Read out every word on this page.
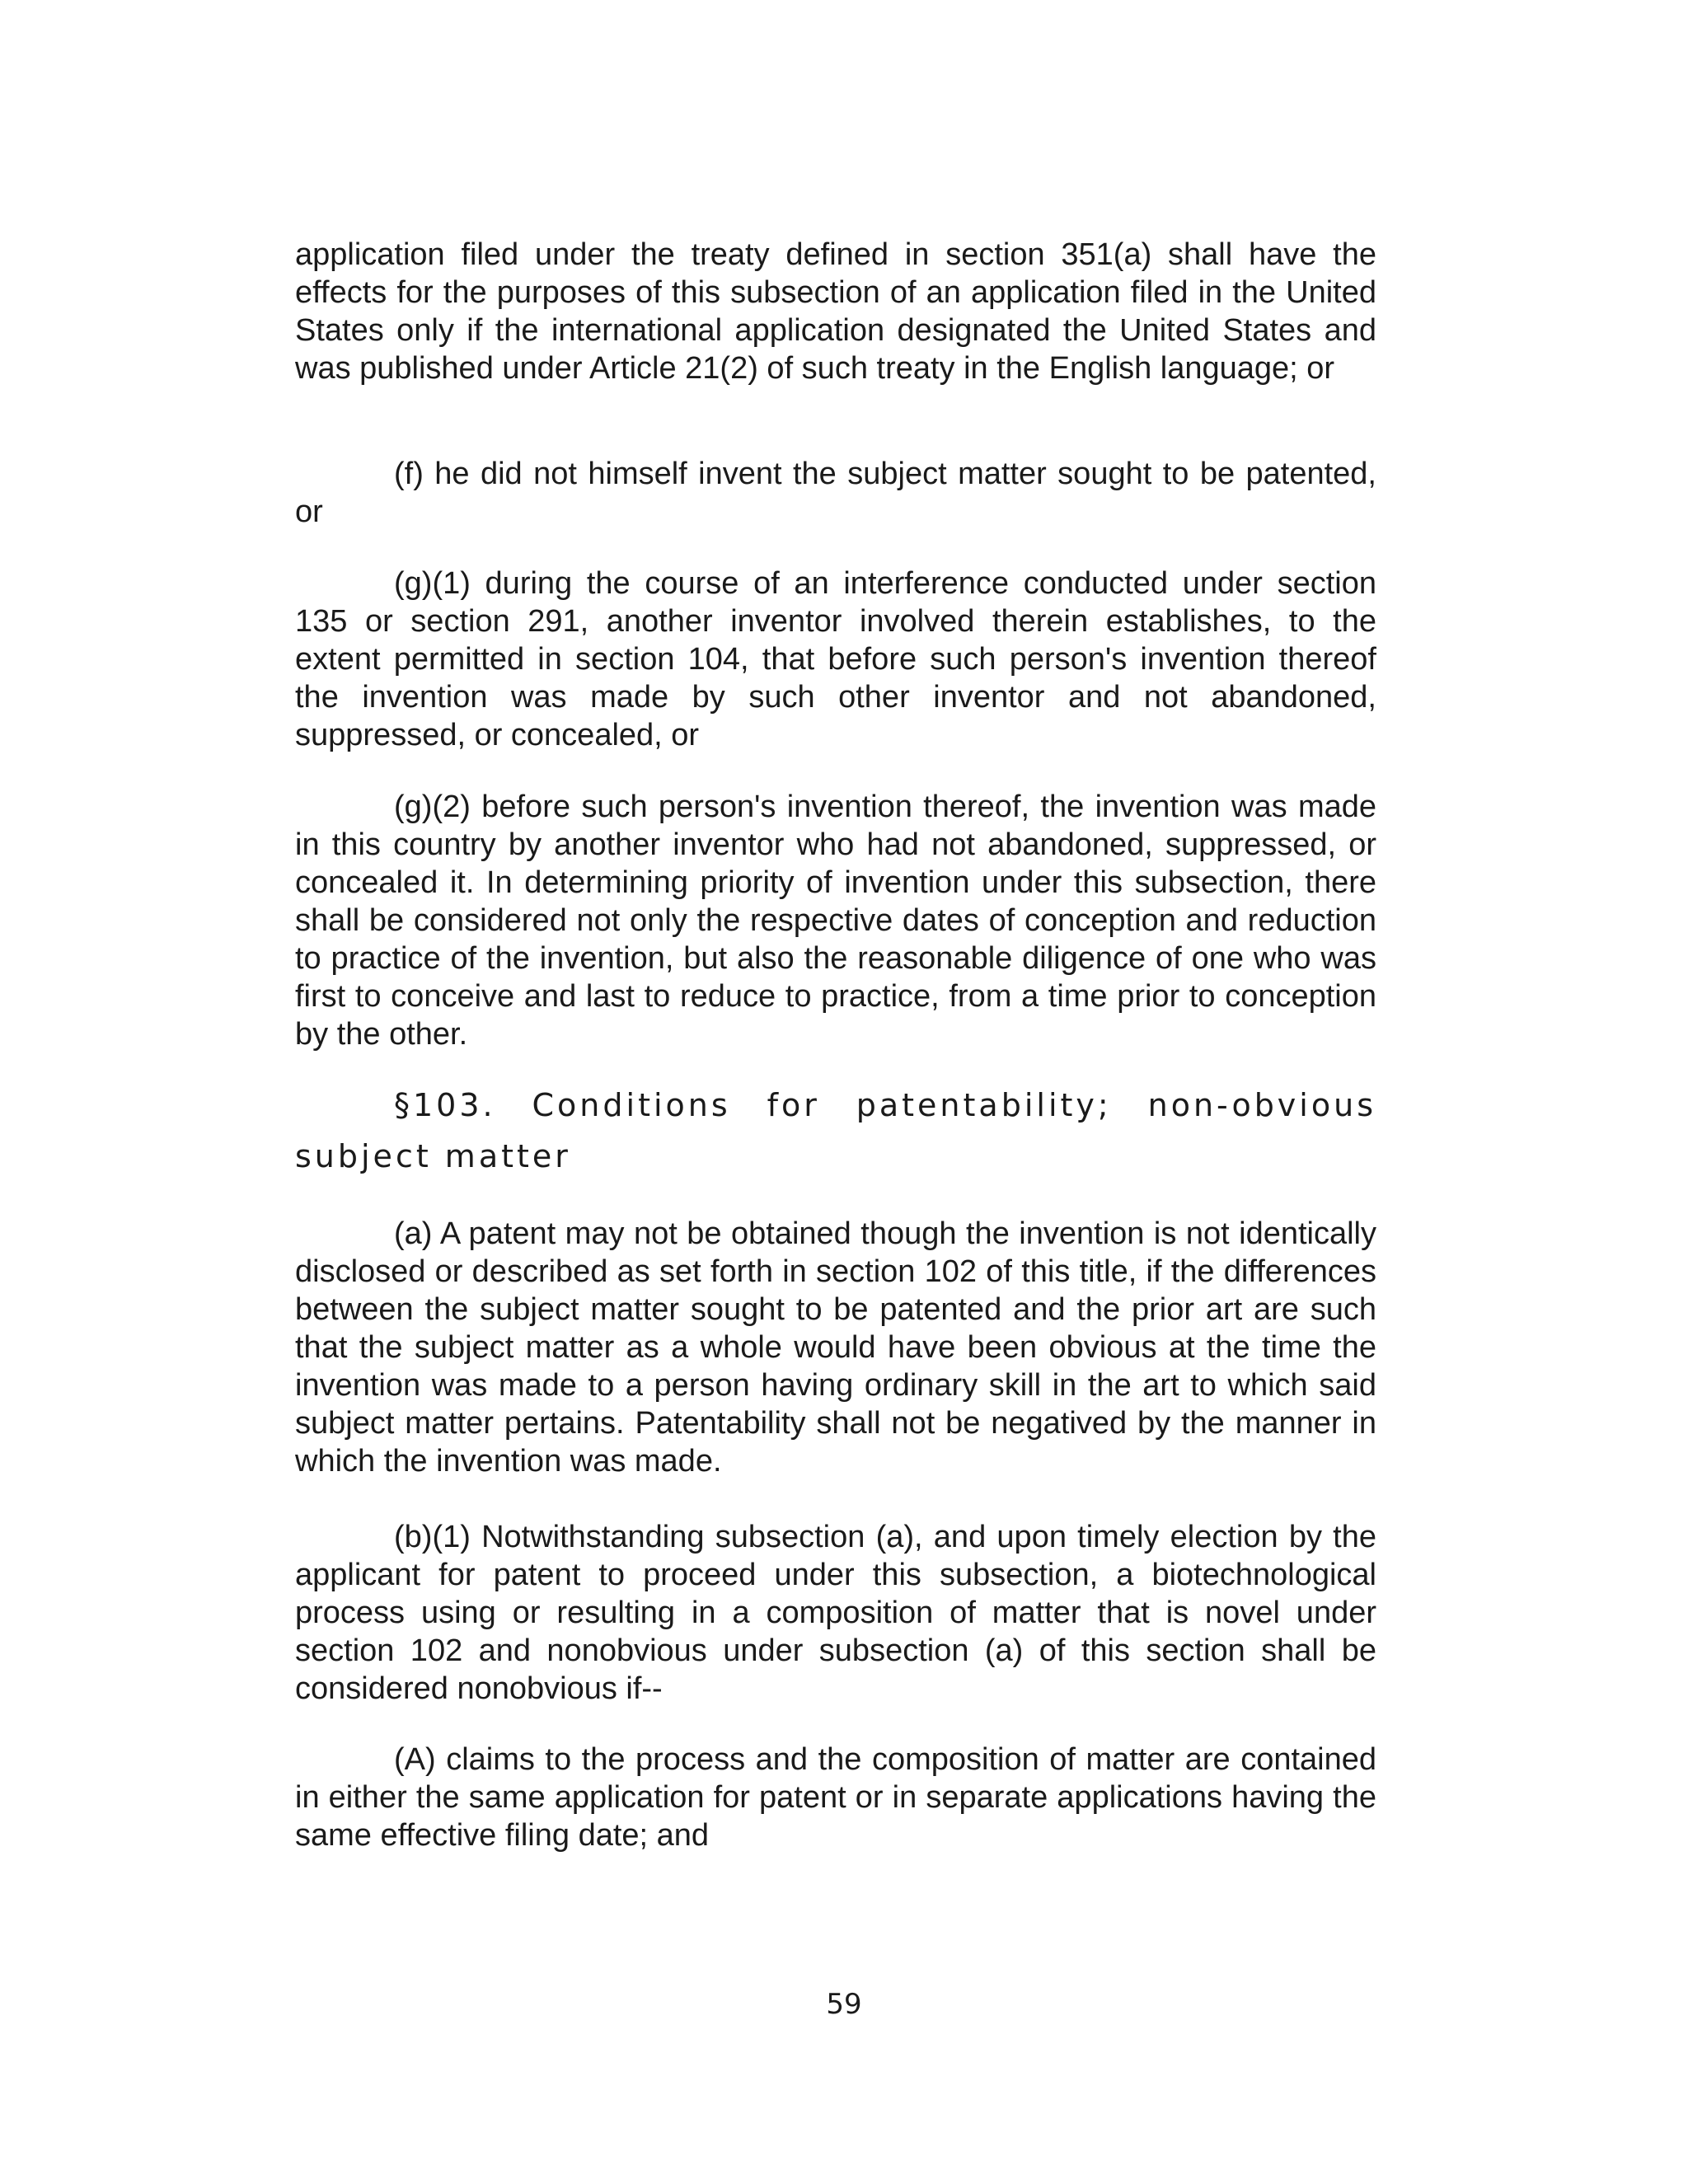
application filed under the treaty defined in section 351(a) shall have the effects for the purposes of this subsection of an application filed in the United States only if the international application designated the United States and was published under Article 21(2) of such treaty in the English language; or

(f) he did not himself invent the subject matter sought to be patented, or

(g)(1) during the course of an interference conducted under section 135 or section 291, another inventor involved therein establishes, to the extent permitted in section 104, that before such person's invention thereof the invention was made by such other inventor and not abandoned, suppressed, or concealed, or

(g)(2) before such person's invention thereof, the invention was made in this country by another inventor who had not abandoned, suppressed, or concealed it. In determining priority of invention under this subsection, there shall be considered not only the respective dates of conception and reduction to practice of the invention, but also the reasonable diligence of one who was first to conceive and last to reduce to practice, from a time prior to conception by the other.

§103. Conditions for patentability; non-obvious subject matter

(a) A patent may not be obtained though the invention is not identically disclosed or described as set forth in section 102 of this title, if the differences between the subject matter sought to be patented and the prior art are such that the subject matter as a whole would have been obvious at the time the invention was made to a person having ordinary skill in the art to which said subject matter pertains. Patentability shall not be negatived by the manner in which the invention was made.

(b)(1) Notwithstanding subsection (a), and upon timely election by the applicant for patent to proceed under this subsection, a biotechnological process using or resulting in a composition of matter that is novel under section 102 and nonobvious under subsection (a) of this section shall be considered nonobvious if--

(A) claims to the process and the composition of matter are contained in either the same application for patent or in separate applications having the same effective filing date; and

59
